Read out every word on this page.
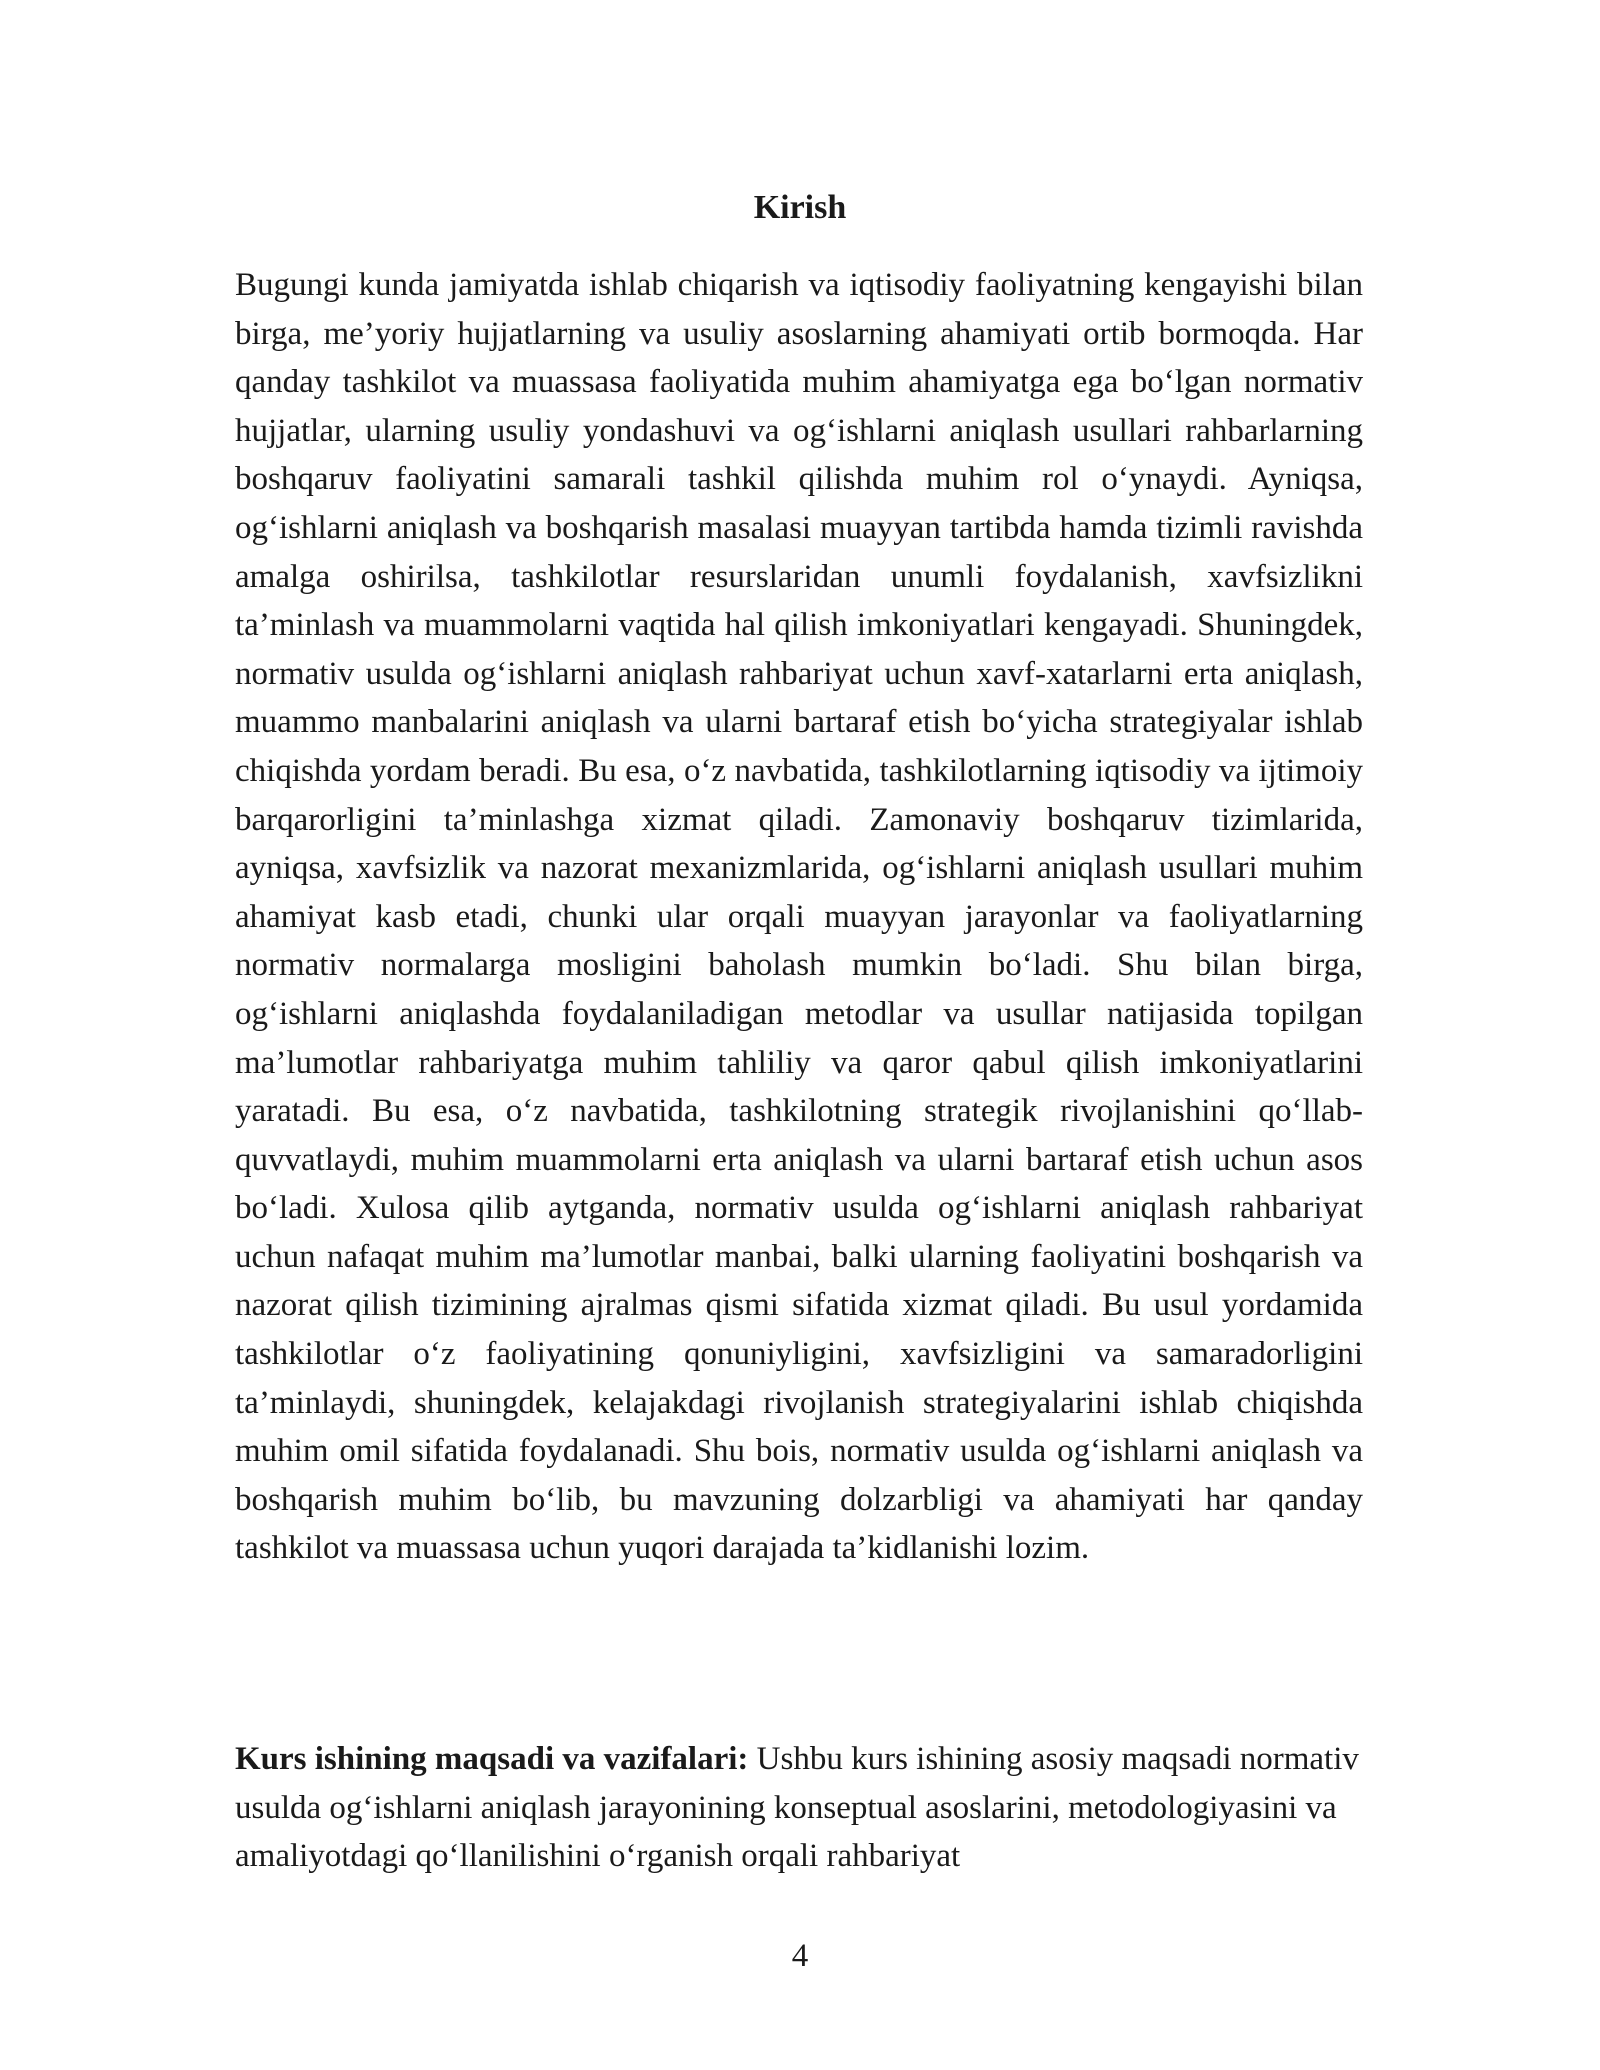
Kirish

Bugungi kunda jamiyatda ishlab chiqarish va iqtisodiy faoliyatning kengayishi bilan birga, me’yoriy hujjatlarning va usuliy asoslarning ahamiyati ortib bormoqda. Har qanday tashkilot va muassasa faoliyatida muhim ahamiyatga ega bo‘lgan normativ hujjatlar, ularning usuliy yondashuvi va og‘ishlarni aniqlash usullari rahbarlarning boshqaruv faoliyatini samarali tashkil qilishda muhim rol o‘ynaydi. Ayniqsa, og‘ishlarni aniqlash va boshqarish masalasi muayyan tartibda hamda tizimli ravishda amalga oshirilsa, tashkilotlar resurslaridan unumli foydalanish, xavfsizlikni ta’minlash va muammolarni vaqtida hal qilish imkoniyatlari kengayadi. Shuningdek, normativ usulda og‘ishlarni aniqlash rahbariyat uchun xavf-xatarlarni erta aniqlash, muammo manbalarini aniqlash va ularni bartaraf etish bo‘yicha strategiyalar ishlab chiqishda yordam beradi. Bu esa, o‘z navbatida, tashkilotlarning iqtisodiy va ijtimoiy barqarorligini ta’minlashga xizmat qiladi. Zamonaviy boshqaruv tizimlarida, ayniqsa, xavfsizlik va nazorat mexanizmlarida, og‘ishlarni aniqlash usullari muhim ahamiyat kasb etadi, chunki ular orqali muayyan jarayonlar va faoliyatlarning normativ normalarga mosligini baholash mumkin bo‘ladi. Shu bilan birga, og‘ishlarni aniqlashda foydalaniladigan metodlar va usullar natijasida topilgan ma’lumotlar rahbariyatga muhim tahliliy va qaror qabul qilish imkoniyatlarini yaratadi. Bu esa, o‘z navbatida, tashkilotning strategik rivojlanishini qo‘llab-quvvatlaydi, muhim muammolarni erta aniqlash va ularni bartaraf etish uchun asos bo‘ladi. Xulosa qilib aytganda, normativ usulda og‘ishlarni aniqlash rahbariyat uchun nafaqat muhim ma’lumotlar manbai, balki ularning faoliyatini boshqarish va nazorat qilish tizimining ajralmas qismi sifatida xizmat qiladi. Bu usul yordamida tashkilotlar o‘z faoliyatining qonuniyligini, xavfsizligini va samaradorligini ta’minlaydi, shuningdek, kelajakdagi rivojlanish strategiyalarini ishlab chiqishda muhim omil sifatida foydalanadi. Shu bois, normativ usulda og‘ishlarni aniqlash va boshqarish muhim bo‘lib, bu mavzuning dolzarbligi va ahamiyati har qanday tashkilot va muassasa uchun yuqori darajada ta’kidlanishi lozim.

Kurs ishining maqsadi va vazifalari: Ushbu kurs ishining asosiy maqsadi normativ usulda og‘ishlarni aniqlash jarayonining konseptual asoslarini, metodologiyasini va amaliyotdagi qo‘llanilishini o‘rganish orqali rahbariyat

4
